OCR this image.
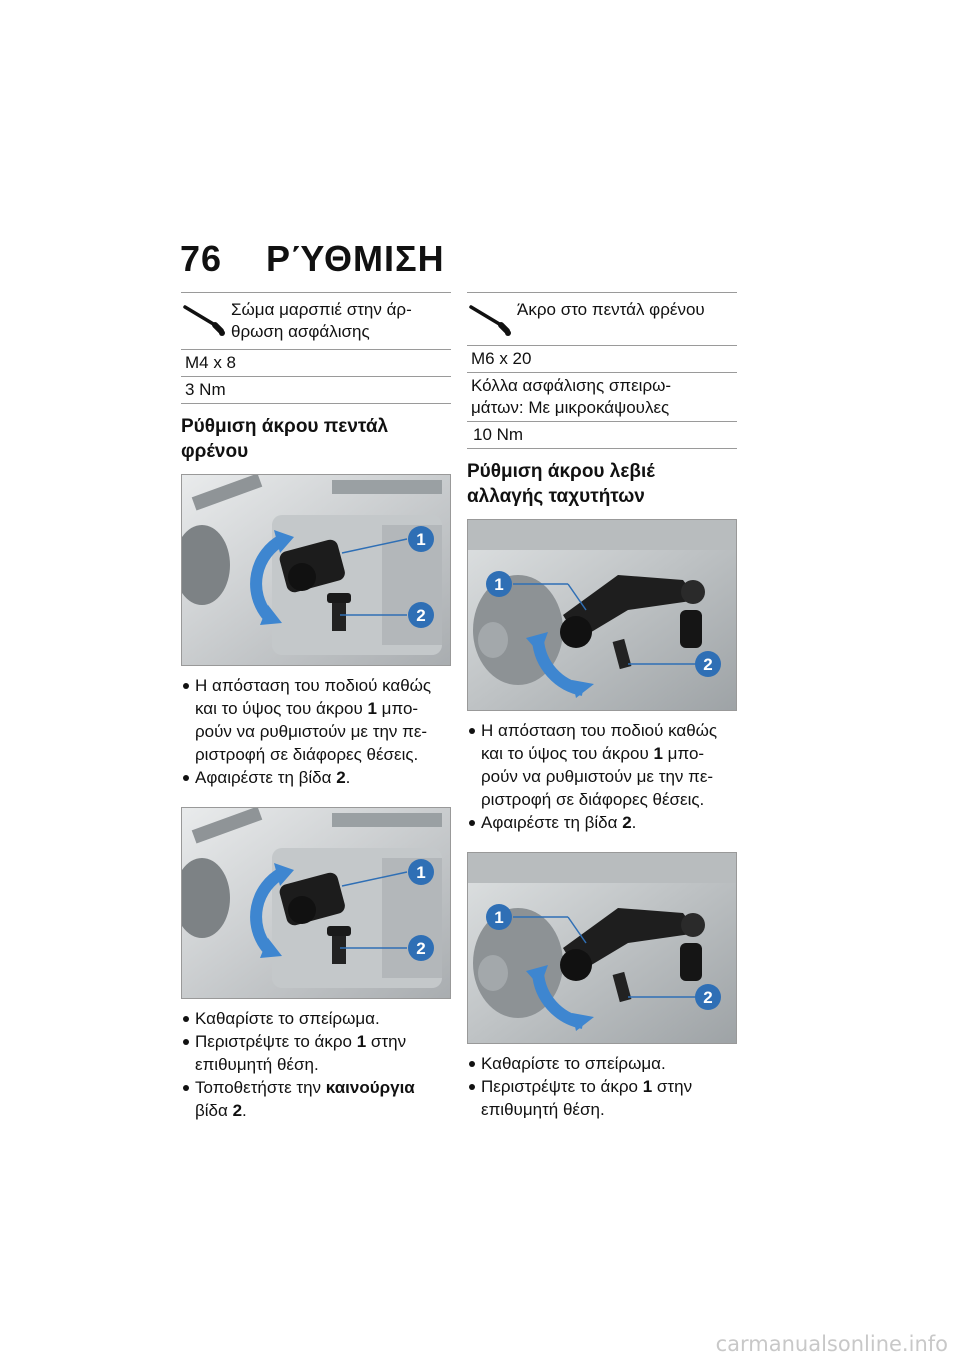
76 ΡΎΘΜΙΣΗ
Σώμα μαρσπιέ στην άρ-
θρωση ασφάλισης
M4 x 8
3 Nm
Ρύθμιση άκρου πεντάλ
φρένου
1
2
Η απόσταση του ποδιού καθώς
και το ύψος του άκρου 1 μπο-
ρούν να ρυθμιστούν με την πε-
ριστροφή σε διάφορες θέσεις.
Αφαιρέστε τη βίδα 2.
1
2
Καθαρίστε το σπείρωμα.
Περιστρέψτε το άκρο 1 στην
επιθυμητή θέση.
Τοποθετήστε την καινούργια
βίδα 2.
Άκρο στο πεντάλ φρένου
M6 x 20
Κόλλα ασφάλισης σπειρω-
μάτων: Με μικροκάψουλες
10 Nm
Ρύθμιση άκρου λεβιέ
αλλαγής ταχυτήτων
1
2
Η απόσταση του ποδιού καθώς
και το ύψος του άκρου 1 μπο-
ρούν να ρυθμιστούν με την πε-
ριστροφή σε διάφορες θέσεις.
Αφαιρέστε τη βίδα 2.
1
2
Καθαρίστε το σπείρωμα.
Περιστρέψτε το άκρο 1 στην
επιθυμητή θέση.
carmanualsonline.info
